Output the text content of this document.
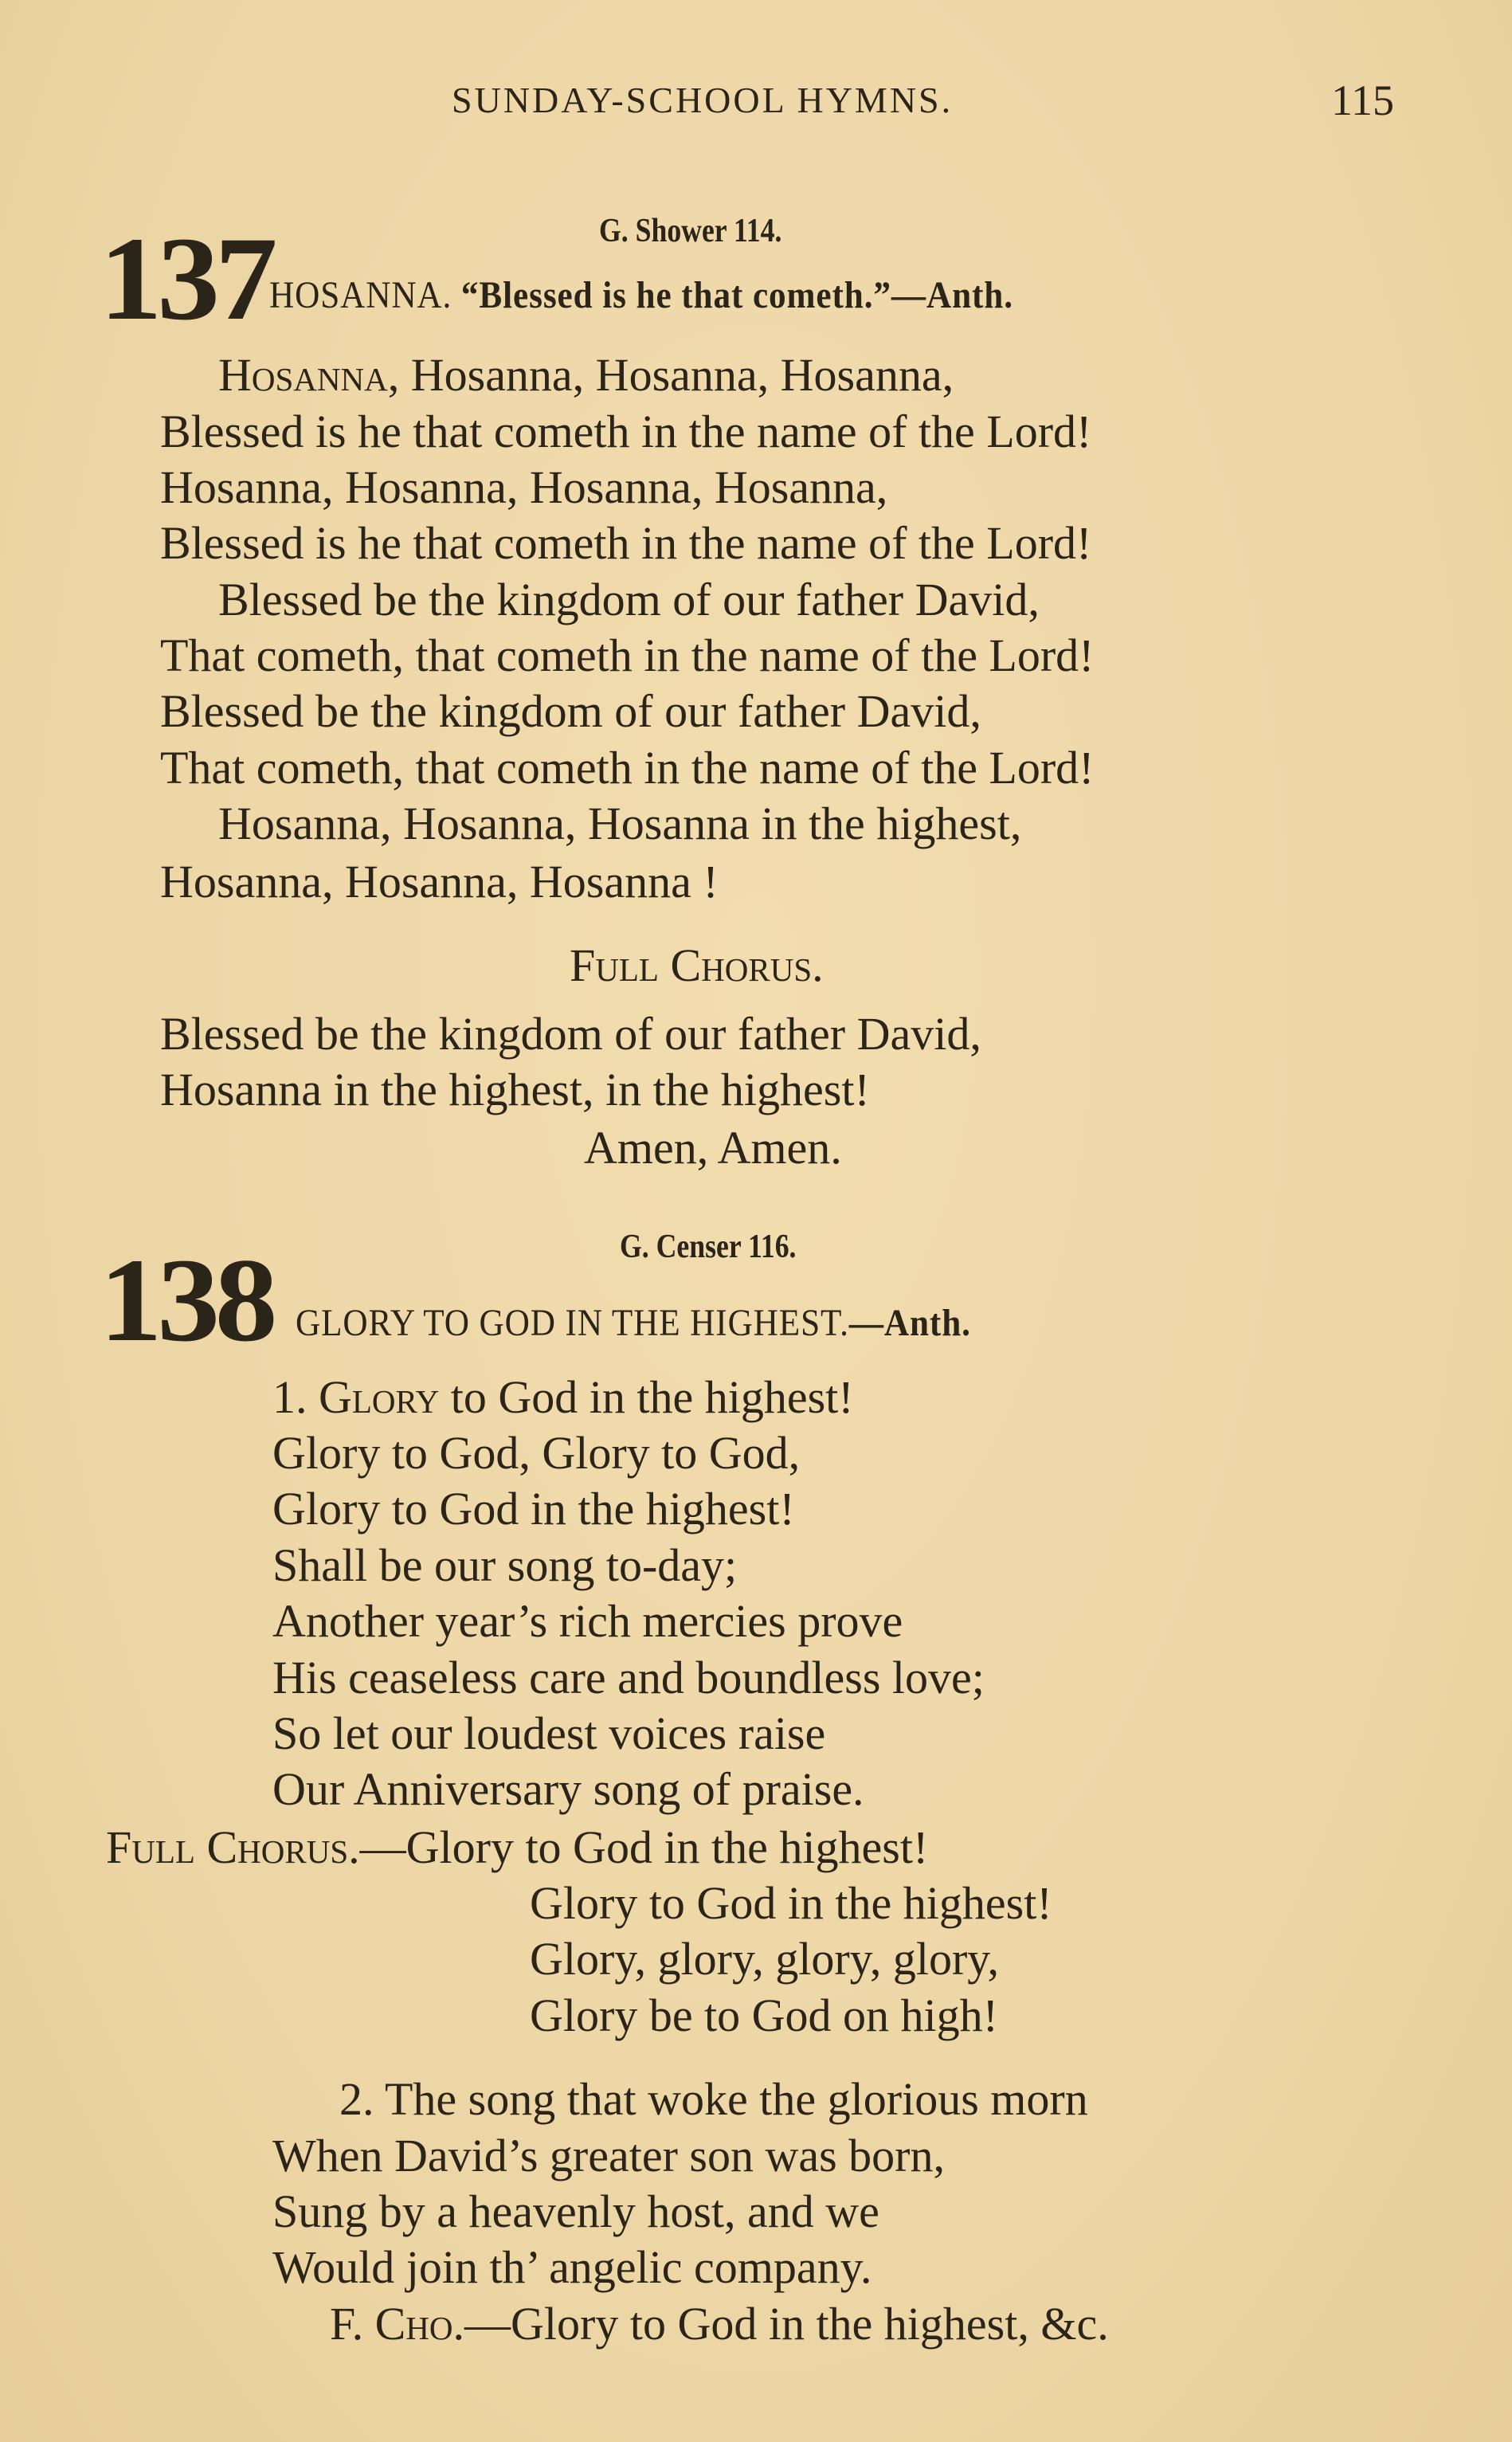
SUNDAY-SCHOOL HYMNS.	115
G. Shower 114.
137
HOSANNA. “Blessed is he that cometh.”—Anth.
Hosanna, Hosanna, Hosanna, Hosanna,
Blessed is he that cometh in the name of the Lord!
Hosanna, Hosanna, Hosanna, Hosanna,
Blessed is he that cometh in the name of the Lord!
Blessed be the kingdom of our father David,
That cometh, that cometh in the name of the Lord!
Blessed be the kingdom of our father David,
That cometh, that cometh in the name of the Lord!
Hosanna, Hosanna, Hosanna in the highest,
Hosanna, Hosanna, Hosanna !
Full Chorus.
Blessed be the kingdom of our father David,
Hosanna in the highest, in the highest!
Amen, Amen.
G. Censer 116.
138 GLORY TO GOD IN THE HIGHEST.—Anth.
1. Glory to God in the highest!
Glory to God, Glory to God,
Glory to God in the highest!
Shall be our song to-day;
Another year’s rich mercies prove
His ceaseless care and boundless love;
So let our loudest voices raise
Our Anniversary song of praise.
Full Chorus.—Glory to God in the highest!
Glory to God in the highest!
Glory, glory, glory, glory,
Glory be to God on high!
2. The song that woke the glorious morn
When David’s greater son was born,
Sung by a heavenly host, and we
Would join th’ angelic company.
F. Cho.—Glory to God in the highest, &c.
